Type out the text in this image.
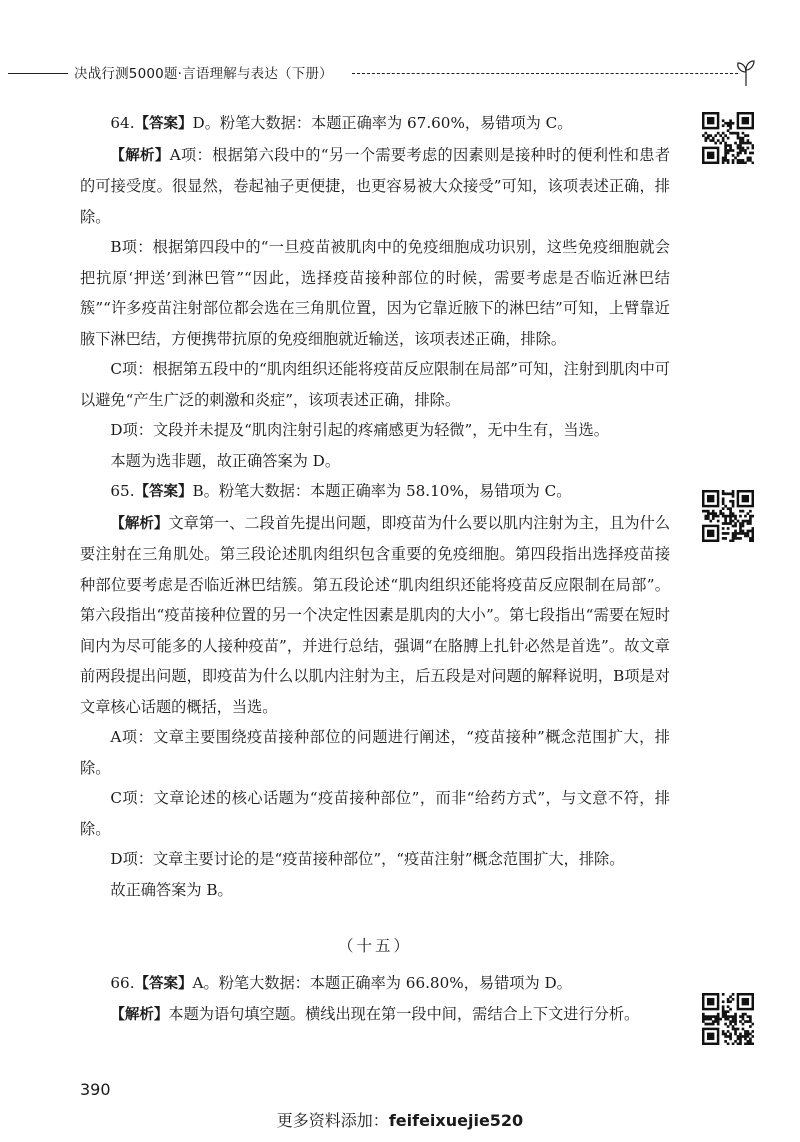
决战行测5000题·言语理解与表达（下册）

64.【答案】D。粉笔大数据：本题正确率为 67.60%，易错项为 C。

【解析】A项：根据第六段中的“另一个需要考虑的因素则是接种时的便利性和患者的可接受度。很显然，卷起袖子更便捷，也更容易被大众接受”可知，该项表述正确，排除。

B项：根据第四段中的“一旦疫苗被肌肉中的免疫细胞成功识别，这些免疫细胞就会把抗原‘押送’到淋巴管”“因此，选择疫苗接种部位的时候，需要考虑是否临近淋巴结簇”“许多疫苗注射部位都会选在三角肌位置，因为它靠近腋下的淋巴结”可知，上臂靠近腋下淋巴结，方便携带抗原的免疫细胞就近输送，该项表述正确，排除。

C项：根据第五段中的“肌肉组织还能将疫苗反应限制在局部”可知，注射到肌肉中可以避免“产生广泛的刺激和炎症”，该项表述正确，排除。

D项：文段并未提及“肌肉注射引起的疼痛感更为轻微”，无中生有，当选。

本题为选非题，故正确答案为 D。

65.【答案】B。粉笔大数据：本题正确率为 58.10%，易错项为 C。

【解析】文章第一、二段首先提出问题，即疫苗为什么要以肌内注射为主，且为什么要注射在三角肌处。第三段论述肌肉组织包含重要的免疫细胞。第四段指出选择疫苗接种部位要考虑是否临近淋巴结簇。第五段论述“肌肉组织还能将疫苗反应限制在局部”。第六段指出“疫苗接种位置的另一个决定性因素是肌肉的大小”。第七段指出“需要在短时间内为尽可能多的人接种疫苗”，并进行总结，强调“在胳膊上扎针必然是首选”。故文章前两段提出问题，即疫苗为什么以肌内注射为主，后五段是对问题的解释说明，B项是对文章核心话题的概括，当选。

A项：文章主要围绕疫苗接种部位的问题进行阐述，“疫苗接种”概念范围扩大，排除。

C项：文章论述的核心话题为“疫苗接种部位”，而非“给药方式”，与文意不符，排除。

D项：文章主要讨论的是“疫苗接种部位”，“疫苗注射”概念范围扩大，排除。

故正确答案为 B。

（十五）

66.【答案】A。粉笔大数据：本题正确率为 66.80%，易错项为 D。

【解析】本题为语句填空题。横线出现在第一段中间，需结合上下文进行分析。

390
更多资料添加：feifeixuejie520
